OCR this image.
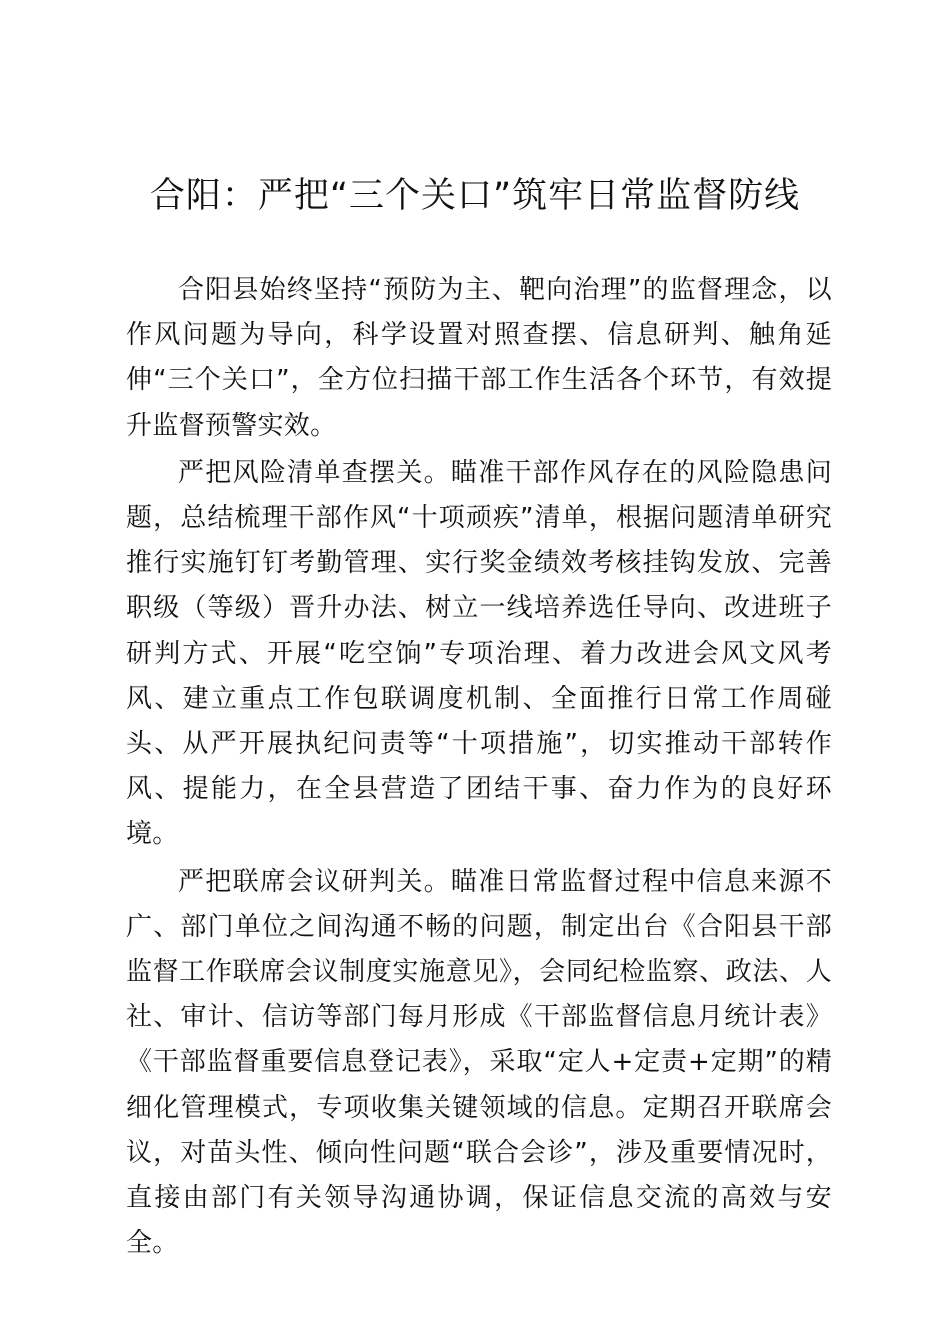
合阳：严把“三个关口”筑牢日常监督防线

合阳县始终坚持“预防为主、靶向治理”的监督理念，以作风问题为导向，科学设置对照查摆、信息研判、触角延伸“三个关口”，全方位扫描干部工作生活各个环节，有效提升监督预警实效。

严把风险清单查摆关。瞄准干部作风存在的风险隐患问题，总结梳理干部作风“十项顽疾”清单，根据问题清单研究推行实施钉钉考勤管理、实行奖金绩效考核挂钩发放、完善职级（等级）晋升办法、树立一线培养选任导向、改进班子研判方式、开展“吃空饷”专项治理、着力改进会风文风考风、建立重点工作包联调度机制、全面推行日常工作周碰头、从严开展执纪问责等“十项措施”，切实推动干部转作风、提能力，在全县营造了团结干事、奋力作为的良好环境。

严把联席会议研判关。瞄准日常监督过程中信息来源不广、部门单位之间沟通不畅的问题，制定出台《合阳县干部监督工作联席会议制度实施意见》，会同纪检监察、政法、人社、审计、信访等部门每月形成《干部监督信息月统计表》《干部监督重要信息登记表》，采取“定人+定责+定期”的精细化管理模式，专项收集关键领域的信息。定期召开联席会议，对苗头性、倾向性问题“联合会诊”，涉及重要情况时，直接由部门有关领导沟通协调，保证信息交流的高效与安全。
